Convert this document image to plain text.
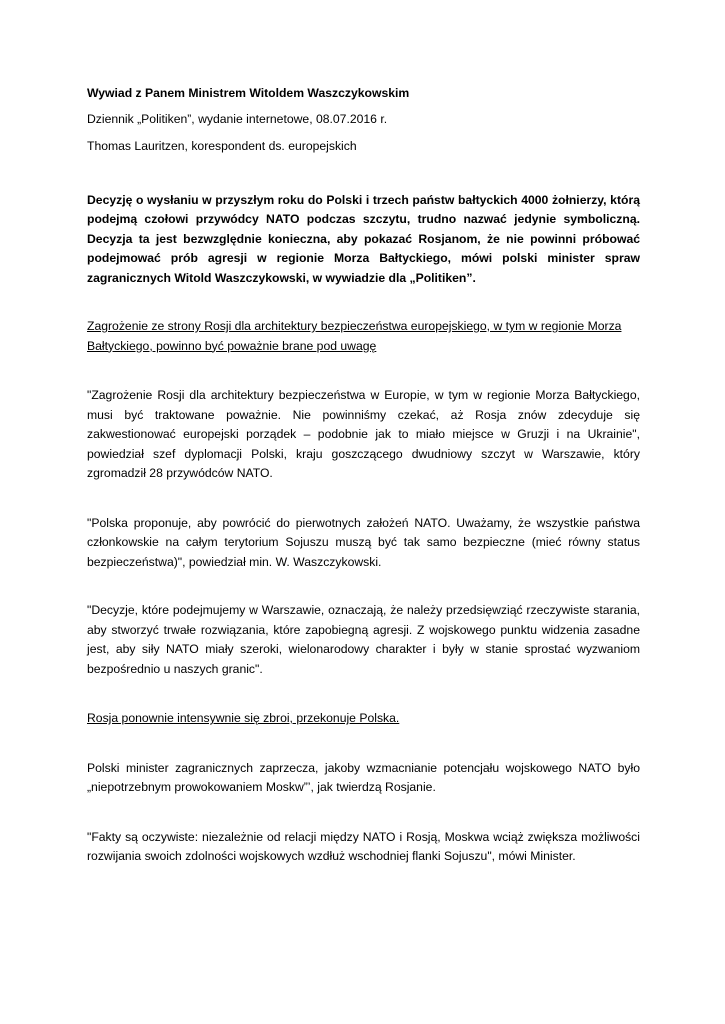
Wywiad z Panem Ministrem Witoldem Waszczykowskim

Dziennik „Politiken”, wydanie internetowe, 08.07.2016 r.

Thomas Lauritzen, korespondent ds. europejskich

Decyzję o wysłaniu w przyszłym roku do Polski i trzech państw bałtyckich 4000 żołnierzy, którą podejmą czołowi przywódcy NATO podczas szczytu, trudno nazwać jedynie symboliczną. Decyzja ta jest bezwzględnie konieczna, aby pokazać Rosjanom, że nie powinni próbować podejmować prób agresji w regionie Morza Bałtyckiego, mówi polski minister spraw zagranicznych Witold Waszczykowski, w wywiadzie dla „Politiken”.

Zagrożenie ze strony Rosji dla architektury bezpieczeństwa europejskiego, w tym w regionie Morza Bałtyckiego, powinno być poważnie brane pod uwagę

"Zagrożenie Rosji dla architektury bezpieczeństwa w Europie, w tym w regionie Morza Bałtyckiego, musi być traktowane poważnie. Nie powinniśmy czekać, aż Rosja znów zdecyduje się zakwestionować europejski porządek – podobnie jak to miało miejsce w Gruzji i na Ukrainie", powiedział szef dyplomacji Polski, kraju goszczącego dwudniowy szczyt w Warszawie, który zgromadził 28 przywódców NATO.

"Polska proponuje, aby powrócić do pierwotnych założeń NATO. Uważamy, że wszystkie państwa członkowskie na całym terytorium Sojuszu muszą być tak samo bezpieczne (mieć równy status bezpieczeństwa)", powiedział min. W. Waszczykowski.

"Decyzje, które podejmujemy w Warszawie, oznaczają, że należy przedsięwziąć rzeczywiste starania, aby stworzyć trwałe rozwiązania, które zapobiegną agresji. Z wojskowego punktu widzenia zasadne jest, aby siły NATO miały szeroki, wielonarodowy charakter i były w stanie sprostać wyzwaniom bezpośrednio u naszych granic".

Rosja ponownie intensywnie się zbroi, przekonuje Polska.

Polski minister zagranicznych zaprzecza, jakoby wzmacnianie potencjału wojskowego NATO było „niepotrzebnym prowokowaniem Moskw”’, jak twierdzą Rosjanie.

"Fakty są oczywiste: niezależnie od relacji między NATO i Rosją, Moskwa wciąż zwiększa możliwości rozwijania swoich zdolności wojskowych wzdłuż wschodniej flanki Sojuszu", mówi Minister.
